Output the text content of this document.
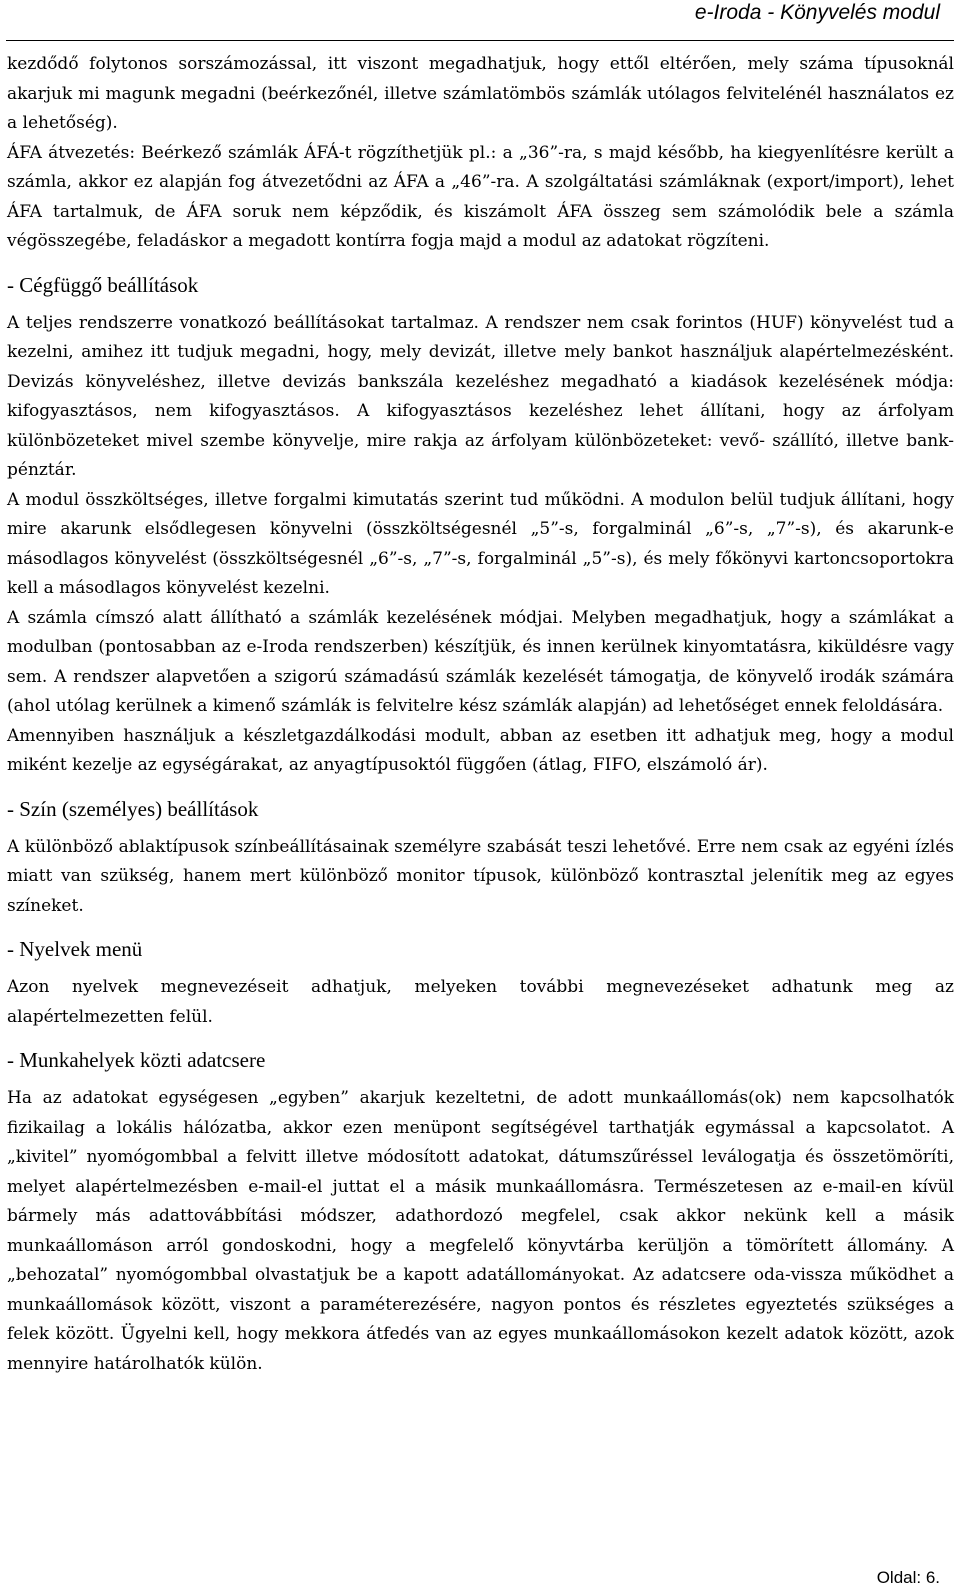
e-Iroda - Könyvelés modul

kezdődő folytonos sorszámozással, itt viszont megadhatjuk, hogy ettől eltérően, mely száma típusoknál akarjuk mi magunk megadni (beérkezőnél, illetve számlatömbös számlák utólagos felvitelénél használatos ez a lehetőség).

ÁFA átvezetés: Beérkező számlák ÁFÁ-t rögzíthetjük pl.: a „36”-ra, s majd később, ha kiegyenlítésre került a számla, akkor ez alapján fog átvezetődni az ÁFA a „46”-ra. A szolgáltatási számláknak (export/import), lehet ÁFA tartalmuk, de ÁFA soruk nem képződik, és kiszámolt ÁFA összeg sem számolódik bele a számla végösszegébe, feladáskor a megadott kontírra fogja majd a modul az adatokat rögzíteni.

- Cégfüggő beállítások

A teljes rendszerre vonatkozó beállításokat tartalmaz. A rendszer nem csak forintos (HUF) könyvelést tud a kezelni, amihez itt tudjuk megadni, hogy, mely devizát, illetve mely bankot használjuk alapértelmezésként. Devizás könyveléshez, illetve devizás bankszála kezeléshez megadható a kiadások kezelésének módja: kifogyasztásos, nem kifogyasztásos. A kifogyasztásos kezeléshez lehet állítani, hogy az árfolyam különbözeteket mivel szembe könyvelje, mire rakja az árfolyam különbözeteket: vevő- szállító, illetve bank- pénztár.

A modul összköltséges, illetve forgalmi kimutatás szerint tud működni. A modulon belül tudjuk állítani, hogy mire akarunk elsődlegesen könyvelni (összköltségesnél „5”-s, forgalminál „6”-s, „7”-s), és akarunk-e másodlagos könyvelést (összköltségesnél „6”-s, „7”-s, forgalminál „5”-s), és mely főkönyvi kartoncsoportokra kell a másodlagos könyvelést kezelni.

A számla címszó alatt állítható a számlák kezelésének módjai. Melyben megadhatjuk, hogy a számlákat a modulban (pontosabban az e-Iroda rendszerben) készítjük, és innen kerülnek kinyomtatásra, kiküldésre vagy sem. A rendszer alapvetően a szigorú számadású számlák kezelését támogatja, de könyvelő irodák számára (ahol utólag kerülnek a kimenő számlák is felvitelre kész számlák alapján) ad lehetőséget ennek feloldására.

Amennyiben használjuk a készletgazdálkodási modult, abban az esetben itt adhatjuk meg, hogy a modul miként kezelje az egységárakat, az anyagtípusoktól függően (átlag, FIFO, elszámoló ár).

- Szín (személyes) beállítások

A különböző ablaktípusok színbeállításainak személyre szabását teszi lehetővé. Erre nem csak az egyéni ízlés miatt van szükség, hanem mert különböző monitor típusok, különböző kontrasztal jelenítik meg az egyes színeket.

- Nyelvek menü

Azon nyelvek megnevezéseit adhatjuk, melyeken további megnevezéseket adhatunk meg az alapértelmezetten felül.

- Munkahelyek közti adatcsere

Ha az adatokat egységesen „egyben” akarjuk kezeltetni, de adott munkaállomás(ok) nem kapcsolhatók fizikailag a lokális hálózatba, akkor ezen menüpont segítségével tarthatják egymással a kapcsolatot. A „kivitel” nyomógombbal a felvitt illetve módosított adatokat, dátumszűréssel leválogatja és összetömöríti, melyet alapértelmezésben e-mail-el juttat el a másik munkaállomásra. Természetesen az e-mail-en kívül bármely más adattovábbítási módszer, adathordozó megfelel, csak akkor nekünk kell a másik munkaállomáson arról gondoskodni, hogy a megfelelő könyvtárba kerüljön a tömörített állomány. A „behozatal” nyomógombbal olvastatjuk be a kapott adatállományokat. Az adatcsere oda-vissza működhet a munkaállomások között, viszont a paraméterezésére, nagyon pontos és részletes egyeztetés szükséges a felek között. Ügyelni kell, hogy mekkora átfedés van az egyes munkaállomásokon kezelt adatok között, azok mennyire határolhatók külön.

Oldal: 6.
